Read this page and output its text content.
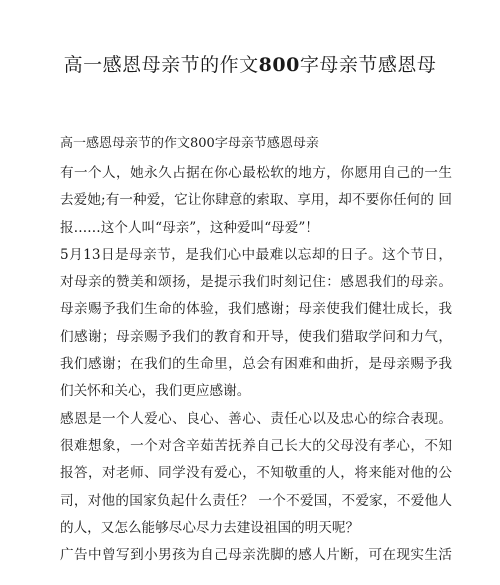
高一感恩母亲节的作文800字母亲节感恩母

高一感恩母亲节的作文800字母亲节感恩母亲

有一个人，她永久占据在你心最松软的地方，你愿用自己的一生
去爱她;有一种爱，它让你肆意的索取、享用，却不要你任何的 回
报……这个人叫“母亲”，这种爱叫“母爱”！
5月13日是母亲节，是我们心中最难以忘却的日子。这个节日，
对母亲的赞美和颂扬，是提示我们时刻记住：感恩我们的母亲。
母亲赐予我们生命的体验，我们感谢；母亲使我们健壮成长，我
们感谢；母亲赐予我们的教育和开导，使我们猎取学问和力气，
我们感谢；在我们的生命里，总会有困难和曲折，是母亲赐予我
们关怀和关心，我们更应感谢。
感恩是一个人爱心、良心、善心、责任心以及忠心的综合表现。
很难想象，一个对含辛茹苦抚养自己长大的父母没有孝心，不知
报答，对老师、同学没有爱心，不知敬重的人，将来能对他的公
司，对他的国家负起什么责任？ 一个不爱国，不爱家，不爱他人
的人，又怎么能够尽心尽力去建设祖国的明天呢？
广告中曾写到小男孩为自己母亲洗脚的感人片断，可在现实生活
